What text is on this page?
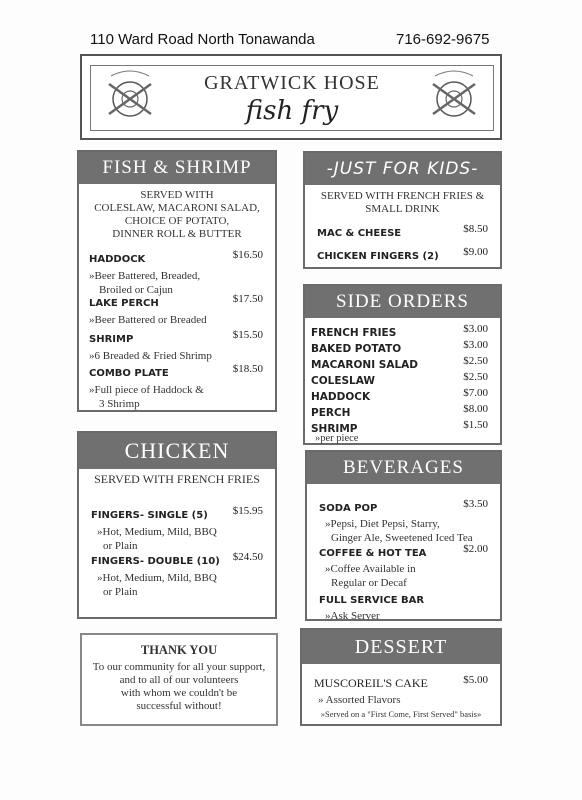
110 Ward Road North Tonawanda	716-692-9675
GRATWICK HOSE
fish fry
FISH & SHRIMP
SERVED WITH
COLESLAW, MACARONI SALAD,
CHOICE OF POTATO,
DINNER ROLL & BUTTER
HADDOCK	$16.50
»Beer Battered, Breaded,
Broiled or Cajun
LAKE PERCH	$17.50
»Beer Battered or Breaded
SHRIMP	$15.50
»6 Breaded & Fried Shrimp
COMBO PLATE	$18.50
»Full piece of Haddock &
3 Shrimp
-JUST FOR KIDS-
SERVED WITH FRENCH FRIES &
SMALL DRINK
MAC & CHEESE	$8.50
CHICKEN FINGERS (2) $9.00
SIDE ORDERS
FRENCH FRIES	$3.00
BAKED POTATO	$3.00
MACARONI SALAD	$2.50
COLESLAW	$2.50
HADDOCK	$7.00
PERCH	$8.00
SHRIMP	$1.50
»per piece
CHICKEN
SERVED WITH FRENCH FRIES
FINGERS- SINGLE (5) $15.95
»Hot, Medium, Mild, BBQ
or Plain
FINGERS- DOUBLE (10) $24.50
»Hot, Medium, Mild, BBQ
or Plain
BEVERAGES
SODA POP	$3.50
»Pepsi, Diet Pepsi, Starry,
Ginger Ale, Sweetened Iced Tea
COFFEE & HOT TEA	$2.00
»Coffee Available in
Regular or Decaf
FULL SERVICE BAR
»Ask Server
THANK YOU
To our community for all your support,
and to all of our volunteers
with whom we couldn't be
successful without!
DESSERT
MUSCOREIL'S CAKE	$5.00
» Assorted Flavors
»Served on a "First Come, First Served" basis»
